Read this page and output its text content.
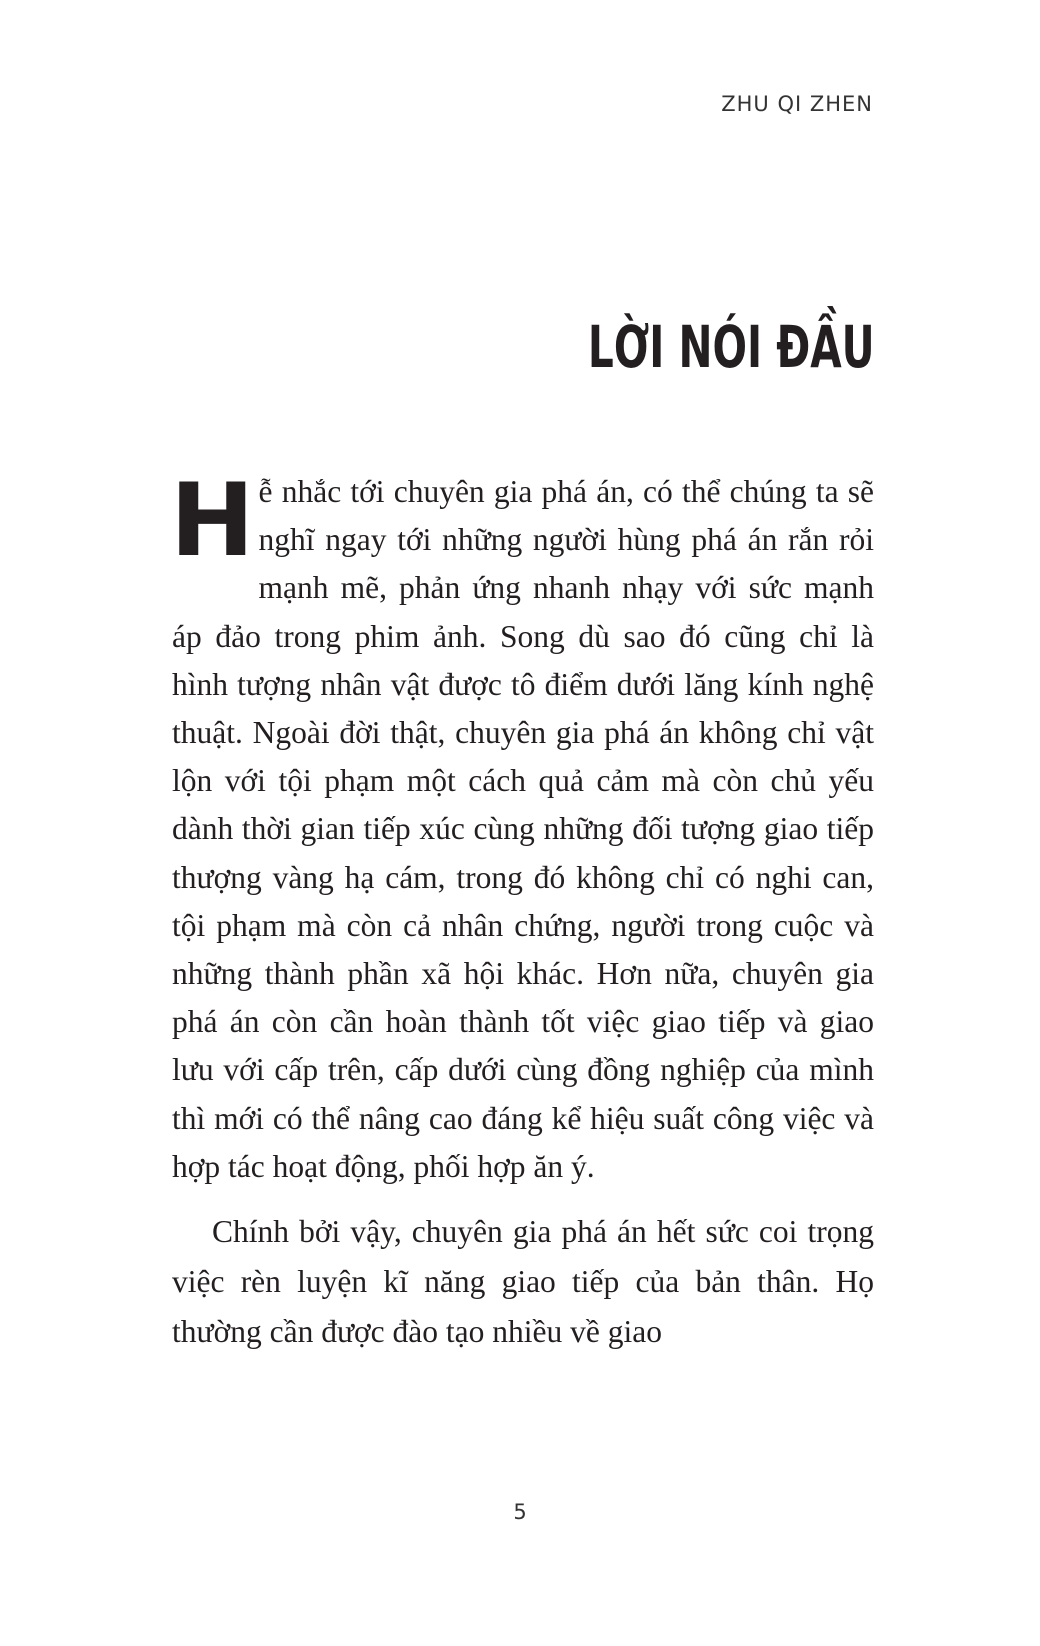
ZHU QI ZHEN
LỜI NÓI ĐẦU

Hễ nhắc tới chuyên gia phá án, có thể chúng ta sẽ nghĩ ngay tới những người hùng phá án rắn rỏi mạnh mẽ, phản ứng nhanh nhạy với sức mạnh áp đảo trong phim ảnh. Song dù sao đó cũng chỉ là hình tượng nhân vật được tô điểm dưới lăng kính nghệ thuật. Ngoài đời thật, chuyên gia phá án không chỉ vật lộn với tội phạm một cách quả cảm mà còn chủ yếu dành thời gian tiếp xúc cùng những đối tượng giao tiếp thượng vàng hạ cám, trong đó không chỉ có nghi can, tội phạm mà còn cả nhân chứng, người trong cuộc và những thành phần xã hội khác. Hơn nữa, chuyên gia phá án còn cần hoàn thành tốt việc giao tiếp và giao lưu với cấp trên, cấp dưới cùng đồng nghiệp của mình thì mới có thể nâng cao đáng kể hiệu suất công việc và hợp tác hoạt động, phối hợp ăn ý.

Chính bởi vậy, chuyên gia phá án hết sức coi trọng việc rèn luyện kĩ năng giao tiếp của bản thân. Họ thường cần được đào tạo nhiều về giao

5
